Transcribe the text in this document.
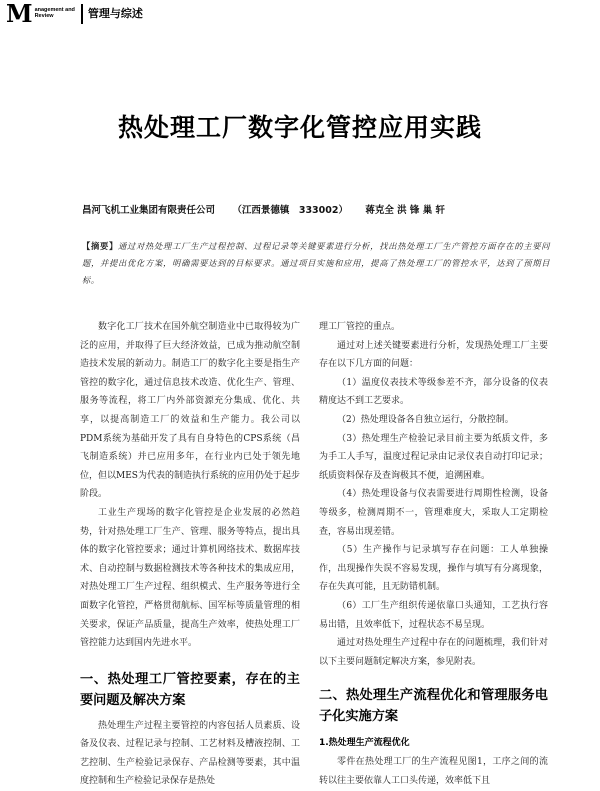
M anagement and
Review	管理与综述
热处理工厂数字化管控应用实践
昌河飞机工业集团有限责任公司 （江西景德镇　333002） 蒋克全 洪 锋 巢 轩
【摘要】通过对热处理工厂生产过程控制、过程记录等关键要素进行分析，找出热处理工厂生产管控方面存在的主要问题，并提出优化方案，明确需要达到的目标要求。通过项目实施和应用，提高了热处理工厂的管控水平，达到了预期目标。

数字化工厂技术在国外航空制造业中已取得较为广泛的应用，并取得了巨大经济效益，已成为推动航空制造技术发展的新动力。制造工厂的数字化主要是指生产管控的数字化，通过信息技术改造、优化生产、管理、服务等流程，将工厂内外部资源充分集成、优化、共享，以提高制造工厂的效益和生产能力。我公司以PDM系统为基础开发了具有自身特色的CPS系统（昌飞制造系统）并已应用多年，在行业内已处于领先地位，但以MES为代表的制造执行系统的应用仍处于起步阶段。

工业生产现场的数字化管控是企业发展的必然趋势，针对热处理工厂生产、管理、服务等特点，提出具体的数字化管控要求；通过计算机网络技术、数据库技术、自动控制与数据检测技术等各种技术的集成应用，对热处理工厂生产过程、组织模式、生产服务等进行全面数字化管控，严格贯彻航标、国军标等质量管理的相关要求，保证产品质量，提高生产效率，使热处理工厂管控能力达到国内先进水平。

一、热处理工厂管控要素，存在的主要问题及解决方案

热处理生产过程主要管控的内容包括人员素质、设备及仪表、过程记录与控制、工艺材料及槽液控制、工艺控制、生产检验记录保存、产品检测等要素，其中温度控制和生产检验记录保存是热处

理工厂管控的重点。

通过对上述关键要素进行分析，发现热处理工厂主要存在以下几方面的问题：

（1）温度仪表技术等级参差不齐，部分设备的仪表精度达不到工艺要求。

（2）热处理设备各自独立运行，分散控制。

（3）热处理生产检验记录目前主要为纸质文件，多为手工人手写，温度过程记录由记录仪表自动打印记录；纸质资料保存及查询极其不便，追溯困难。

（4）热处理设备与仪表需要进行周期性检测，设备等级多，检测周期不一，管理难度大，采取人工定期检查，容易出现差错。

（5）生产操作与记录填写存在问题：工人单独操作，出现操作失误不容易发现，操作与填写有分离现象，存在失真可能，且无防错机制。

（6）工厂生产组织传递依靠口头通知，工艺执行容易出错，且效率低下，过程状态不易呈现。

通过对热处理生产过程中存在的问题梳理，我们针对以下主要问题制定解决方案，参见附表。

二、热处理生产流程优化和管理服务电子化实施方案
1.热处理生产流程优化

零件在热处理工厂的生产流程见图1，工序之间的流转以往主要依靠人工口头传递，效率低下且
